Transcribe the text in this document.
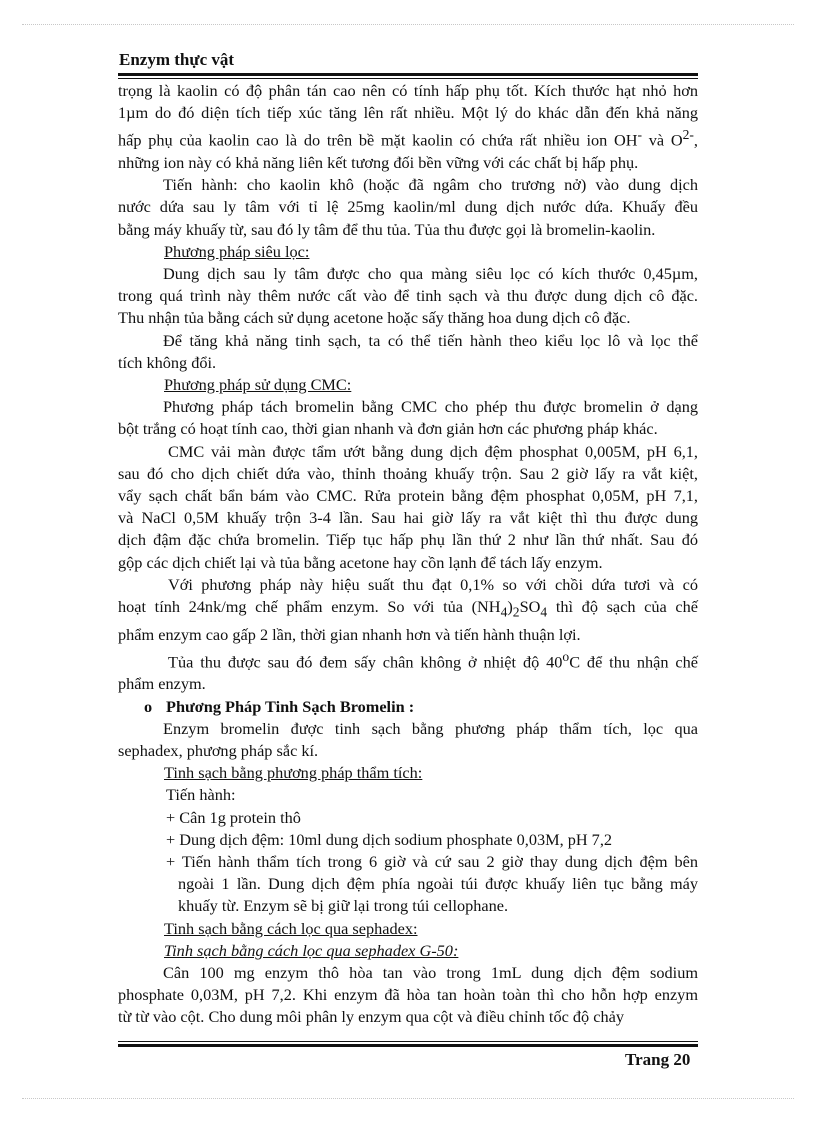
Enzym thực vật

trọng là kaolin có độ phân tán cao nên có tính hấp phụ tốt. Kích thước hạt nhỏ hơn

1µm do đó diện tích tiếp xúc tăng lên rất nhiều. Một lý do khác dẫn đến khả năng

hấp phụ của kaolin cao là do trên bề mặt kaolin có chứa rất nhiều ion OH- và $O^{2-}$,

những ion này có khả năng liên kết tương đối bền vững với các chất bị hấp phụ.

Tiến hành: cho kaolin khô (hoặc đã ngâm cho trương nở) vào dung dịch

nước dứa sau ly tâm với tỉ lệ 25mg kaolin/ml dung dịch nước dứa. Khuấy đều

bằng máy khuấy từ, sau đó ly tâm để thu tủa. Tủa thu được gọi là bromelin-kaolin.

Phương pháp siêu lọc:

Dung dịch sau ly tâm được cho qua màng siêu lọc có kích thước 0,45µm,

trong quá trình này thêm nước cất vào để tinh sạch và thu được dung dịch cô đặc.

Thu nhận tủa bằng cách sử dụng acetone hoặc sấy thăng hoa dung dịch cô đặc.

Để tăng khả năng tinh sạch, ta có thể tiến hành theo kiểu lọc lô và lọc thể

tích không đổi.

Phương pháp sử dụng CMC:

Phương pháp tách bromelin bằng CMC cho phép thu được bromelin ở dạng

bột trắng có hoạt tính cao, thời gian nhanh và đơn giản hơn các phương pháp khác.

CMC vải màn được tẩm ướt bằng dung dịch đệm phosphat 0,005M, pH 6,1,

sau đó cho dịch chiết dứa vào, thỉnh thoảng khuấy trộn. Sau 2 giờ lấy ra vắt kiệt,

vẩy sạch chất bẩn bám vào CMC. Rửa protein bằng đệm phosphat 0,05M, pH 7,1,

và NaCl 0,5M khuấy trộn 3-4 lần. Sau hai giờ lấy ra vắt kiệt thì thu được dung

dịch đậm đặc chứa bromelin. Tiếp tục hấp phụ lần thứ 2 như lần thứ nhất. Sau đó

gộp các dịch chiết lại và tủa bằng acetone hay cồn lạnh để tách lấy enzym.

Với phương pháp này hiệu suất thu đạt 0,1% so với chồi dứa tươi và có

hoạt tính 24nk/mg chế phẩm enzym. So với tủa $(NH_4)_2SO_4$ thì độ sạch của chế

phẩm enzym cao gấp 2 lần, thời gian nhanh hơn và tiến hành thuận lợi.

Tủa thu được sau đó đem sấy chân không ở nhiệt độ 40$^o$C để thu nhận chế

phẩm enzym.

o Phương Pháp Tinh Sạch Bromelin :

Enzym bromelin được tinh sạch bằng phương pháp thẩm tích, lọc qua

sephadex, phương pháp sắc kí.

Tinh sạch bằng phương pháp thẩm tích:

Tiến hành:

+ Cân 1g protein thô

+ Dung dịch đệm: 10ml dung dịch sodium phosphate 0,03M, pH 7,2

+ Tiến hành thẩm tích trong 6 giờ và cứ sau 2 giờ thay dung dịch đệm bên

ngoài 1 lần. Dung dịch đệm phía ngoài túi được khuấy liên tục bằng máy

khuấy từ. Enzym sẽ bị giữ lại trong túi cellophane.

Tinh sạch bằng cách lọc qua sephadex:

Tinh sạch bằng cách lọc qua sephadex G-50:

Cân 100 mg enzym thô hòa tan vào trong 1mL dung dịch đệm sodium

phosphate 0,03M, pH 7,2. Khi enzym đã hòa tan hoàn toàn thì cho hỗn hợp enzym

từ từ vào cột. Cho dung môi phân ly enzym qua cột và điều chỉnh tốc độ chảy

Trang 20
